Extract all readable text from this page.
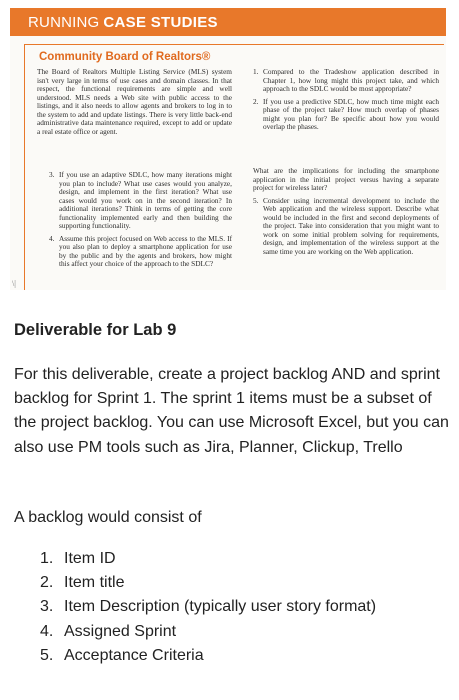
RUNNING CASE STUDIES
Community Board of Realtors®
The Board of Realtors Multiple Listing Service (MLS) system isn't very large in terms of use cases and domain classes. In that respect, the functional requirements are simple and well understood. MLS needs a Web site with public access to the listings, and it also needs to allow agents and brokers to log in to the system to add and update listings. There is very little back-end administrative data maintenance required, except to add or update a real estate office or agent.
3. If you use an adaptive SDLC, how many iterations might you plan to include? What use cases would you analyze, design, and implement in the first iteration? What use cases would you work on in the second iteration? In additional iterations? Think in terms of getting the core functionality implemented early and then building the supporting functionality.
4. Assume this project focused on Web access to the MLS. If you also plan to deploy a smartphone application for use by the public and by the agents and brokers, how might this affect your choice of the approach to the SDLC?
1. Compared to the Tradeshow application described in Chapter 1, how long might this project take, and which approach to the SDLC would be most appropriate?
2. If you use a predictive SDLC, how much time might each phase of the project take? How much overlap of phases might you plan for? Be specific about how you would overlap the phases.
What are the implications for including the smartphone application in the initial project versus having a separate project for wireless later?
5. Consider using incremental development to include the Web application and the wireless support. Describe what would be included in the first and second deployments of the project. Take into consideration that you might want to work on some initial problem solving for requirements, design, and implementation of the wireless support at the same time you are working on the Web application.
\|
Deliverable for Lab 9
For this deliverable, create a project backlog AND and sprint backlog for Sprint 1. The sprint 1 items must be a subset of the project backlog. You can use Microsoft Excel, but you can also use PM tools such as Jira, Planner, Clickup, Trello
A backlog would consist of
1. Item ID
2. Item title
3. Item Description (typically user story format)
4. Assigned Sprint
5. Acceptance Criteria
